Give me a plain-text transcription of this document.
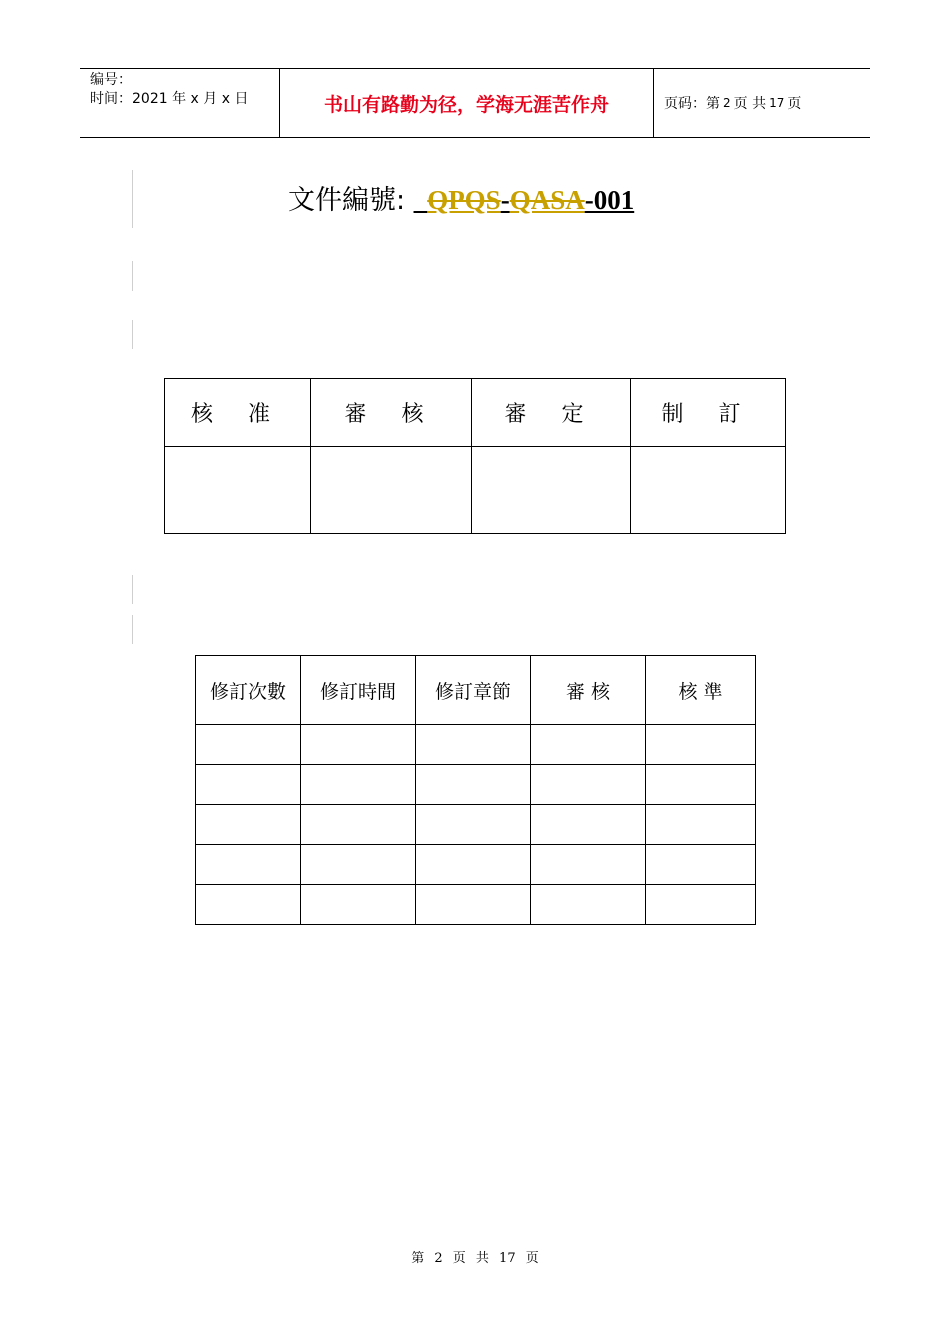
编号：
时间：2021 年 x 月 x 日	书山有路勤为径，学海无涯苦作舟	页码：第 2 页 共 17 页
文件編號: _QPQS-QASA-001
核 准	審 核	審 定	制 訂

修訂次數	修訂時間	修訂章節	審 核	核 準

第 2 页 共 17 页
